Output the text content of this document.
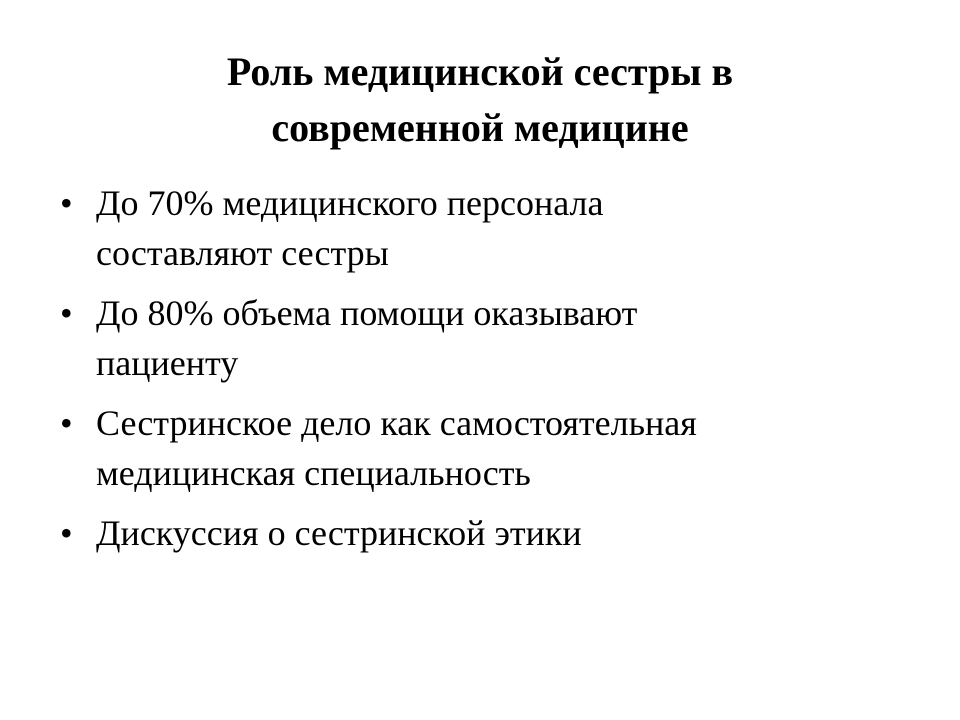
Роль медицинской сестры в
современной медицине
• До 70% медицинского персонала
составляют сестры
• До 80% объема помощи оказывают
пациенту
• Сестринское дело как самостоятельная
медицинская специальность
• Дискуссия о сестринской этики
